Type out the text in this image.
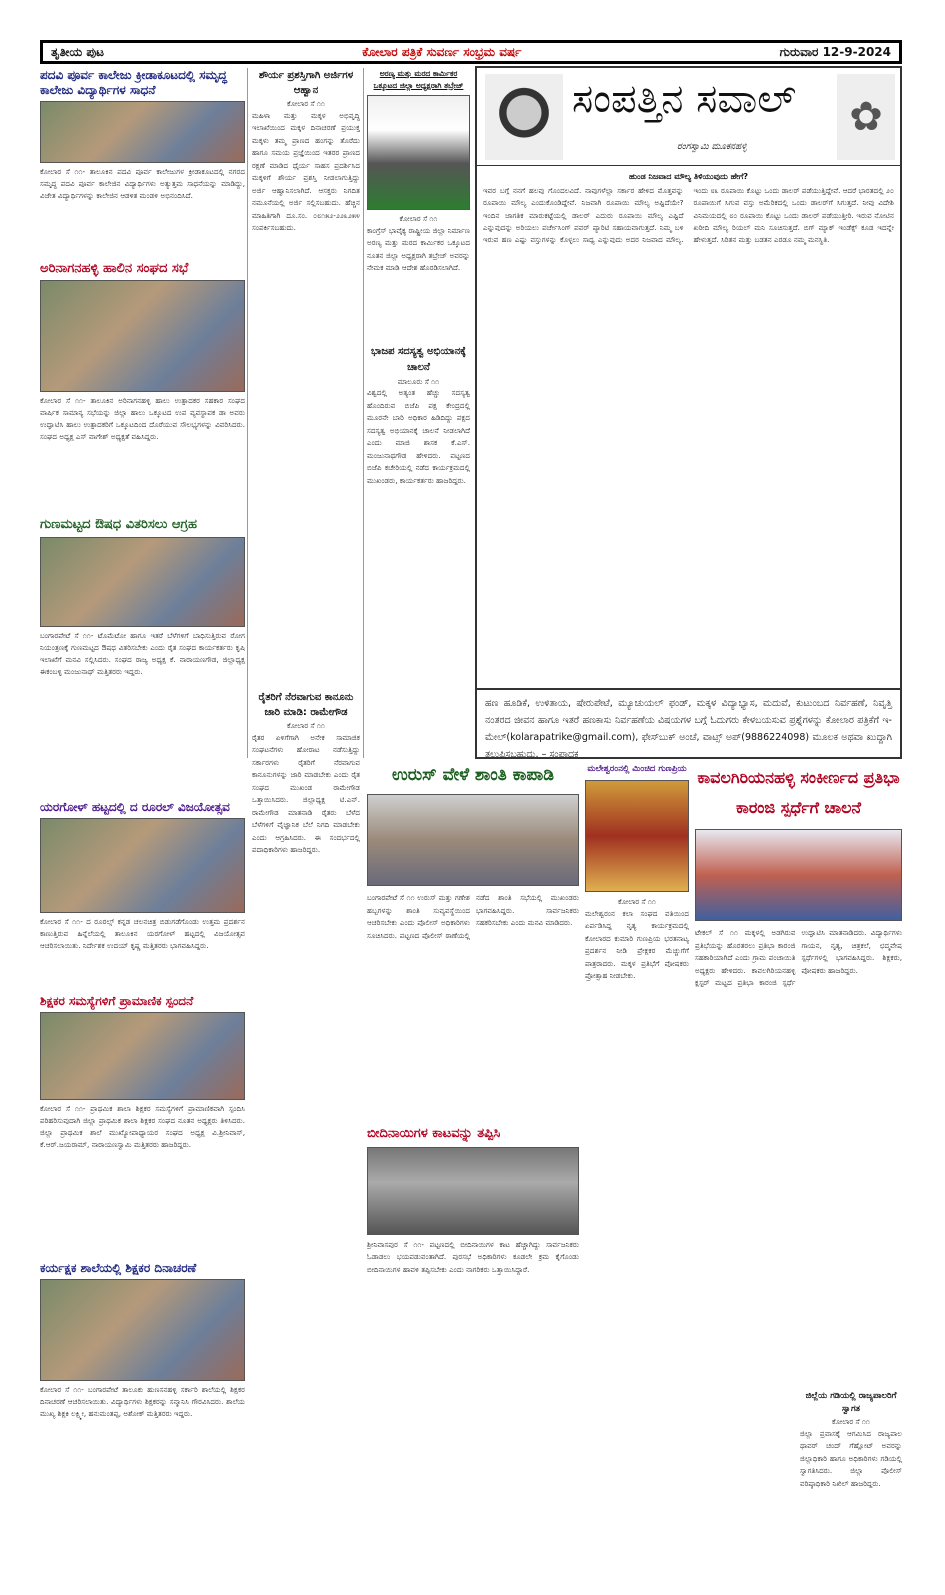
ತೃತೀಯ ಪುಟ	ಕೋಲಾರ ಪತ್ರಿಕೆ ಸುವರ್ಣ ಸಂಭ್ರಮ ವರ್ಷ	ಗುರುವಾರ 12-9-2024
ಪದವಿ ಪೂರ್ವ ಕಾಲೇಜು ಕ್ರೀಡಾಕೂಟದಲ್ಲಿ ಸಮೃದ್ಧ ಕಾಲೇಜು ವಿದ್ಯಾರ್ಥಿಗಳ ಸಾಧನೆ
ಕೋಲಾರ ಸೆ ೧೧- ತಾಲೂಕಿನ ಪದವಿ ಪೂರ್ವ ಕಾಲೇಜುಗಳ ಕ್ರೀಡಾಕೂಟದಲ್ಲಿ ನಗರದ ಸಮೃದ್ಧ ಪದವಿ ಪೂರ್ವ ಕಾಲೇಜಿನ ವಿದ್ಯಾರ್ಥಿಗಳು ಅತ್ಯುತ್ತಮ ಸಾಧನೆಯನ್ನು ಮಾಡಿದ್ದು, ವಿಜೇತ ವಿದ್ಯಾರ್ಥಿಗಳನ್ನು ಕಾಲೇಜಿನ ಆಡಳಿತ ಮಂಡಳಿ ಅಭಿನಂದಿಸಿದೆ.
ಅರಿನಾಗನಹಳ್ಳಿ ಹಾಲಿನ ಸಂಘದ ಸಭೆ
ಕೋಲಾರ ಸೆ ೧೧- ತಾಲೂಕಿನ ಅರಿನಾಗನಹಳ್ಳಿ ಹಾಲು ಉತ್ಪಾದಕರ ಸಹಕಾರ ಸಂಘದ ವಾರ್ಷಿಕ ಸಾಮಾನ್ಯ ಸಭೆಯನ್ನು ಜಿಲ್ಲಾ ಹಾಲು ಒಕ್ಕೂಟದ ಉಪ ವ್ಯವಸ್ಥಾಪಕ ಡಾ ಅವರು ಉದ್ಘಾಟಿಸಿ ಹಾಲು ಉತ್ಪಾದಕರಿಗೆ ಒಕ್ಕೂಟದಿಂದ ದೊರೆಯುವ ಸೌಲಭ್ಯಗಳನ್ನು ವಿವರಿಸಿದರು. ಸಂಘದ ಅಧ್ಯಕ್ಷ ಎಸ್ ವಾಗೇಶ್ ಅಧ್ಯಕ್ಷತೆ ವಹಿಸಿದ್ದರು.
ಗುಣಮಟ್ಟದ ಔಷಧ ವಿತರಿಸಲು ಆಗ್ರಹ
ಬಂಗಾರಪೇಟೆ ಸೆ ೧೧- ಟೊಮೆಟೋ ಹಾಗೂ ಇತರೆ ಬೆಳೆಗಳಿಗೆ ಬಾಧಿಸುತ್ತಿರುವ ರೋಗ ನಿಯಂತ್ರಣಕ್ಕೆ ಗುಣಮಟ್ಟದ ಔಷಧ ವಿತರಿಸಬೇಕು ಎಂದು ರೈತ ಸಂಘದ ಕಾರ್ಯಕರ್ತರು ಕೃಷಿ ಇಲಾಖೆಗೆ ಮನವಿ ಸಲ್ಲಿಸಿದರು. ಸಂಘದ ರಾಜ್ಯ ಅಧ್ಯಕ್ಷ ಕೆ. ನಾರಾಯಣಗೌಡ, ಜಿಲ್ಲಾಧ್ಯಕ್ಷ ಈಕಂಬಳ್ಳಿ ಮಂಜುನಾಥ್ ಮತ್ತಿತರರು ಇದ್ದರು.
ಯರಗೋಳ್ ಹಟ್ಟದಲ್ಲಿ ದ ರೂರಲ್ ವಿಜಯೋತ್ಸವ
ಕೋಲಾರ ಸೆ ೧೧- ದ ರೂರಲ್ಸ್ ಕನ್ನಡ ಚಲನಚಿತ್ರ ಬಿಡುಗಡೆಗೊಂಡು ಉತ್ತಮ ಪ್ರದರ್ಶನ ಕಾಣುತ್ತಿರುವ ಹಿನ್ನೆಲೆಯಲ್ಲಿ ತಾಲೂಕಿನ ಯರಗೋಳ್ ಹಟ್ಟದಲ್ಲಿ ವಿಜಯೋತ್ಸವ ಆಚರಿಸಲಾಯಿತು. ನಿರ್ದೇಶಕ ಉದಯ್ ಕೃಷ್ಣ ಮತ್ತಿತರರು ಭಾಗವಹಿಸಿದ್ದರು.
ಶಿಕ್ಷಕರ ಸಮಸ್ಯೆಗಳಿಗೆ ಪ್ರಾಮಾಣಿಕ ಸ್ಪಂದನೆ
ಕೋಲಾರ ಸೆ ೧೧- ಪ್ರಾಥಮಿಕ ಶಾಲಾ ಶಿಕ್ಷಕರ ಸಮಸ್ಯೆಗಳಿಗೆ ಪ್ರಾಮಾಣಿಕವಾಗಿ ಸ್ಪಂದಿಸಿ ಪರಿಹರಿಸುವುದಾಗಿ ಜಿಲ್ಲಾ ಪ್ರಾಥಮಿಕ ಶಾಲಾ ಶಿಕ್ಷಕರ ಸಂಘದ ನೂತನ ಅಧ್ಯಕ್ಷರು ತಿಳಿಸಿದರು. ಜಿಲ್ಲಾ ಪ್ರಾಥಮಿಕ ಶಾಲೆ ಮುಖ್ಯೋಪಾಧ್ಯಾಯರ ಸಂಘದ ಅಧ್ಯಕ್ಷ ವಿ.ಶ್ರೀನಿವಾಸ್, ಕೆ.ಆರ್.ಜಯರಾಮ್, ನಾರಾಯಣಸ್ವಾಮಿ ಮತ್ತಿತರರು ಹಾಜರಿದ್ದರು.
ಕರ್ಯಕ್ಷಕ ಶಾಲೆಯಲ್ಲಿ ಶಿಕ್ಷಕರ ದಿನಾಚರಣೆ
ಕೋಲಾರ ಸೆ ೧೧- ಬಂಗಾರಪೇಟೆ ತಾಲೂಕು ಹುಣಸನಹಳ್ಳಿ ಸರ್ಕಾರಿ ಶಾಲೆಯಲ್ಲಿ ಶಿಕ್ಷಕರ ದಿನಾಚರಣೆ ಆಚರಿಸಲಾಯಿತು. ವಿದ್ಯಾರ್ಥಿಗಳು ಶಿಕ್ಷಕರನ್ನು ಸನ್ಮಾನಿಸಿ ಗೌರವಿಸಿದರು. ಶಾಲೆಯ ಮುಖ್ಯ ಶಿಕ್ಷಕಿ ಲಕ್ಷ್ಮೀ, ಹನುಮಂತಪ್ಪ, ಅಶೋಕ್ ಮತ್ತಿತರರು ಇದ್ದರು.
ಶೌರ್ಯ ಪ್ರಶಸ್ತಿಗಾಗಿ ಅರ್ಜಿಗಳ ಆಹ್ವಾನ
ಕೋಲಾರ ಸೆ ೧೧
ಮಹಿಳಾ ಮತ್ತು ಮಕ್ಕಳ ಅಭಿವೃದ್ಧಿ ಇಲಾಖೆಯಿಂದ ಮಕ್ಕಳ ದಿನಾಚರಣೆ ಪ್ರಯುಕ್ತ ಮಕ್ಕಳು ತಮ್ಮ ಪ್ರಾಣದ ಹಂಗನ್ನು ತೊರೆದು ಹಾಗೂ ಸಮಯ ಪ್ರಜ್ಞೆಯಿಂದ ಇತರರ ಪ್ರಾಣದ ರಕ್ಷಣೆ ಮಾಡಿದ ಧೈರ್ಯ ಸಾಹಸ ಪ್ರದರ್ಶಿಸಿದ ಮಕ್ಕಳಿಗೆ ಶೌರ್ಯ ಪ್ರಶಸ್ತಿ ನೀಡಲಾಗುತ್ತಿದ್ದು ಅರ್ಜಿ ಆಹ್ವಾನಿಸಲಾಗಿದೆ. ಆಸಕ್ತರು ನಿಗದಿತ ನಮೂನೆಯಲ್ಲಿ ಅರ್ಜಿ ಸಲ್ಲಿಸಬಹುದು. ಹೆಚ್ಚಿನ ಮಾಹಿತಿಗಾಗಿ ದೂ.ಸಂ. ೦೮೧೫೨-೨೨೩೨೫೪ ಸಂಪರ್ಕಿಸಬಹುದು.
ರೈತರಿಗೆ ನೆರವಾಗುವ ಕಾನೂನು ಜಾರಿ ಮಾಡಿ: ರಾಮೇಗೌಡ
ಕೋಲಾರ ಸೆ ೧೧
ರೈತರ ಏಳಿಗೆಗಾಗಿ ಅನೇಕ ಸಾಮಾಜಿಕ ಸಂಘಟನೆಗಳು ಹೋರಾಟ ನಡೆಸುತ್ತಿದ್ದು ಸರ್ಕಾರಗಳು ರೈತರಿಗೆ ನೆರವಾಗುವ ಕಾನೂನುಗಳನ್ನು ಜಾರಿ ಮಾಡಬೇಕು ಎಂದು ರೈತ ಸಂಘದ ಮುಖಂಡ ರಾಮೇಗೌಡ ಒತ್ತಾಯಿಸಿದರು. ಜಿಲ್ಲಾಧ್ಯಕ್ಷ ಟಿ.ಎನ್. ರಾಮೇಗೌಡ ಮಾತನಾಡಿ ರೈತರು ಬೆಳೆದ ಬೆಳೆಗಳಿಗೆ ವೈಜ್ಞಾನಿಕ ಬೆಲೆ ನಿಗದಿ ಮಾಡಬೇಕು ಎಂದು ಆಗ್ರಹಿಸಿದರು. ಈ ಸಂದರ್ಭದಲ್ಲಿ ಪದಾಧಿಕಾರಿಗಳು ಹಾಜರಿದ್ದರು.
ಅರಣ್ಯ ಮತ್ತು ಮರದ ಕಾರ್ಮಿಕರ ಒಕ್ಕೂಟದ ಜಿಲ್ಲಾ ಅಧ್ಯಕ್ಷರಾಗಿ ತಬ್ರೇಜ್
ಕೋಲಾರ ಸೆ ೧೧
ಕಾಂಗ್ರೆಸ್ ಭಾವೈಕ್ಯ ರಾಷ್ಟ್ರೀಯ ಜಿಲ್ಲಾ ನಿರ್ಮಾಣ ಅರಣ್ಯ ಮತ್ತು ಮರದ ಕಾರ್ಮಿಕರ ಒಕ್ಕೂಟದ ನೂತನ ಜಿಲ್ಲಾ ಅಧ್ಯಕ್ಷರಾಗಿ ತಬ್ರೇಜ್ ಅವರನ್ನು ನೇಮಕ ಮಾಡಿ ಆದೇಶ ಹೊರಡಿಸಲಾಗಿದೆ.
ಭಾಜಪ ಸದಸ್ಯತ್ವ ಅಭಿಯಾನಕ್ಕೆ ಚಾಲನೆ
ಮಾಲೂರು ಸೆ ೧೧
ವಿಶ್ವದಲ್ಲಿ ಅತ್ಯಂತ ಹೆಚ್ಚು ಸದಸ್ಯತ್ವ ಹೊಂದಿರುವ ಬಿಜೆಪಿ ಪಕ್ಷ ಕೇಂದ್ರದಲ್ಲಿ ಮೂರನೇ ಬಾರಿ ಅಧಿಕಾರ ಹಿಡಿದಿದ್ದು ಪಕ್ಷದ ಸದಸ್ಯತ್ವ ಅಭಿಯಾನಕ್ಕೆ ಚಾಲನೆ ನೀಡಲಾಗಿದೆ ಎಂದು ಮಾಜಿ ಶಾಸಕ ಕೆ.ಎಸ್. ಮಂಜುನಾಥಗೌಡ ಹೇಳಿದರು. ಪಟ್ಟಣದ ಬಿಜೆಪಿ ಕಚೇರಿಯಲ್ಲಿ ನಡೆದ ಕಾರ್ಯಕ್ರಮದಲ್ಲಿ ಮುಖಂಡರು, ಕಾರ್ಯಕರ್ತರು ಹಾಜರಿದ್ದರು.
ಸಂಪತ್ತಿನ ಸವಾಲ್
ರಂಗಸ್ವಾಮಿ ಮೂಕನಹಳ್ಳಿ
✿
ಹುಂಡ ನಿಜವಾದ ಮೌಲ್ಯ ತಿಳಿಯುವುದು ಹೇಗೆ?
ಇವರ ಬಗ್ಗೆ ನನಗೆ ಹಲವು ಗೊಂದಲವಿದೆ. ನಾವುಗಳೆಲ್ಲಾ ಸರ್ಕಾರ ಹೇಳಿದ ಮೊತ್ತವನ್ನು ರೂಪಾಯಿ ಮೌಲ್ಯ ಎಂದುಕೊಂಡಿದ್ದೇವೆ. ನಿಜವಾಗಿ ರೂಪಾಯಿ ಮೌಲ್ಯ ಅಷ್ಟಿದೆಯೇ? ಇಂದಿನ ಜಾಗತಿಕ ಮಾರುಕಟ್ಟೆಯಲ್ಲಿ ಡಾಲರ್ ಎದುರು ರೂಪಾಯಿ ಮೌಲ್ಯ ಎಷ್ಟಿದೆ ಎನ್ನುವುದನ್ನು ಅರಿಯಲು ಪರ್ಚೇಸಿಂಗ್ ಪವರ್ ಪ್ಯಾರಿಟಿ ಸಹಾಯವಾಗುತ್ತದೆ. ನಿಮ್ಮ ಬಳಿ ಇರುವ ಹಣ ಎಷ್ಟು ವಸ್ತುಗಳನ್ನು ಕೊಳ್ಳಲು ಸಾಧ್ಯ ಎನ್ನುವುದು ಅದರ ನಿಜವಾದ ಮೌಲ್ಯ. ಇಂದು ೮೩ ರೂಪಾಯಿ ಕೊಟ್ಟು ಒಂದು ಡಾಲರ್ ಪಡೆಯುತ್ತಿದ್ದೇವೆ. ಆದರೆ ಭಾರತದಲ್ಲಿ ೨೦ ರೂಪಾಯಿಗೆ ಸಿಗುವ ವಸ್ತು ಅಮೆರಿಕದಲ್ಲಿ ಒಂದು ಡಾಲರ್‌ಗೆ ಸಿಗುತ್ತದೆ. ನೀವು ವಿದೇಶಿ ವಿನಿಮಯದಲ್ಲಿ ೮೦ ರೂಪಾಯಿ ಕೊಟ್ಟು ಒಂದು ಡಾಲರ್ ಪಡೆಯುತ್ತೀರಿ. ಇರುವ ನೋಟಿನ ಖರೀದಿ ಮೌಲ್ಯ ರಿಯಲ್ ಮನಿ ಸೂಚಿಸುತ್ತದೆ. ಬಿಗ್ ಮ್ಯಾಕ್ ಇಂಡೆಕ್ಸ್ ಕೂಡ ಇದನ್ನೇ ಹೇಳುತ್ತದೆ. ಸಿರಿತನ ಮತ್ತು ಬಡತನ ಎರಡೂ ನಮ್ಮ ಮನಸ್ಥಿತಿ.
ಹಣ ಹೂಡಿಕೆ, ಉಳಿತಾಯ, ಷೇರುಪೇಟೆ, ಮ್ಯೂಚುಯಲ್ ಫಂಡ್, ಮಕ್ಕಳ ವಿದ್ಯಾಭ್ಯಾಸ, ಮದುವೆ, ಕುಟುಂಬದ ನಿರ್ವಹಣೆ, ನಿವೃತ್ತಿ ನಂತರದ ಜೀವನ ಹಾಗೂ ಇತರೆ ಹಣಕಾಸು ನಿರ್ವಹಣೆಯ ವಿಷಯಗಳ ಬಗ್ಗೆ ಓದುಗರು ಕೇಳಬಯಸುವ ಪ್ರಶ್ನೆಗಳನ್ನು ಕೋಲಾರ ಪತ್ರಿಕೆಗೆ ಇ-ಮೇಲ್(kolarapatrike@gmail.com), ಫೇಸ್‌ಬುಕ್ ಅಂಚೆ, ವಾಟ್ಸ್ ಅಪ್(9886224098) ಮೂಲಕ ಅಥವಾ ಖುದ್ದಾಗಿ ತಲುಪಿಸಬಹುದು. – ಸಂಪಾದಕ
ಉರುಸ್ ವೇಳೆ ಶಾಂತಿ ಕಾಪಾಡಿ
ಬಂಗಾರಪೇಟೆ ಸೆ ೧೧ ಉರುಸ್ ಮತ್ತು ಗಣೇಶ ಹಬ್ಬಗಳನ್ನು ಶಾಂತಿ ಸುವ್ಯವಸ್ಥೆಯಿಂದ ಆಚರಿಸಬೇಕು ಎಂದು ಪೊಲೀಸ್ ಅಧಿಕಾರಿಗಳು ಸೂಚಿಸಿದರು. ಪಟ್ಟಣದ ಪೊಲೀಸ್ ಠಾಣೆಯಲ್ಲಿ ನಡೆದ ಶಾಂತಿ ಸಭೆಯಲ್ಲಿ ಮುಖಂಡರು ಭಾಗವಹಿಸಿದ್ದರು. ಸಾರ್ವಜನಿಕರು ಸಹಕರಿಸಬೇಕು ಎಂದು ಮನವಿ ಮಾಡಿದರು.
ಬೀದಿನಾಯಿಗಳ ಕಾಟವನ್ನು ತಪ್ಪಿಸಿ
ಶ್ರೀನಿವಾಸಪುರ ಸೆ ೧೧- ಪಟ್ಟಣದಲ್ಲಿ ಬೀದಿನಾಯಿಗಳ ಕಾಟ ಹೆಚ್ಚಾಗಿದ್ದು ಸಾರ್ವಜನಿಕರು ಓಡಾಡಲು ಭಯಪಡುವಂತಾಗಿದೆ. ಪುರಸಭೆ ಅಧಿಕಾರಿಗಳು ಕೂಡಲೇ ಕ್ರಮ ಕೈಗೊಂಡು ಬೀದಿನಾಯಿಗಳ ಹಾವಳಿ ತಪ್ಪಿಸಬೇಕು ಎಂದು ನಾಗರಿಕರು ಒತ್ತಾಯಿಸಿದ್ದಾರೆ.
ಮಲೇಶ್ವರಂನಲ್ಲಿ ಮಿಂಚಿದ ಗುಣಪ್ರಿಯ
ಕೋಲಾರ ಸೆ ೧೧
ಮಲೇಶ್ವರಂನ ಕಲಾ ಸಂಘದ ವತಿಯಿಂದ ಏರ್ಪಡಿಸಿದ್ದ ನೃತ್ಯ ಕಾರ್ಯಕ್ರಮದಲ್ಲಿ ಕೋಲಾರದ ಕುಮಾರಿ ಗುಣಪ್ರಿಯ ಭರತನಾಟ್ಯ ಪ್ರದರ್ಶನ ನೀಡಿ ಪ್ರೇಕ್ಷಕರ ಮೆಚ್ಚುಗೆಗೆ ಪಾತ್ರರಾದರು. ಮಕ್ಕಳ ಪ್ರತಿಭೆಗೆ ಪೋಷಕರು ಪ್ರೋತ್ಸಾಹ ನೀಡಬೇಕು.
ಕಾವಲಗಿರಿಯನಹಳ್ಳಿ ಸಂಕೀರ್ಣದ ಪ್ರತಿಭಾ ಕಾರಂಜಿ ಸ್ಪರ್ಧೆಗೆ ಚಾಲನೆ
ಟೇಕಲ್ ಸೆ ೧೧ ಮಕ್ಕಳಲ್ಲಿ ಅಡಗಿರುವ ಪ್ರತಿಭೆಯನ್ನು ಹೊರತರಲು ಪ್ರತಿಭಾ ಕಾರಂಜಿ ಸಹಕಾರಿಯಾಗಿದೆ ಎಂದು ಗ್ರಾಮ ಪಂಚಾಯಿತಿ ಅಧ್ಯಕ್ಷರು ಹೇಳಿದರು. ಕಾವಲಗಿರಿಯನಹಳ್ಳಿ ಕ್ಲಸ್ಟರ್ ಮಟ್ಟದ ಪ್ರತಿಭಾ ಕಾರಂಜಿ ಸ್ಪರ್ಧೆ ಉದ್ಘಾಟಿಸಿ ಮಾತನಾಡಿದರು. ವಿದ್ಯಾರ್ಥಿಗಳು ಗಾಯನ, ನೃತ್ಯ, ಚಿತ್ರಕಲೆ, ಛದ್ಮವೇಷ ಸ್ಪರ್ಧೆಗಳಲ್ಲಿ ಭಾಗವಹಿಸಿದ್ದರು. ಶಿಕ್ಷಕರು, ಪೋಷಕರು ಹಾಜರಿದ್ದರು.
ಜಿಲ್ಲೆಯ ಗಡಿಯಲ್ಲಿ ರಾಜ್ಯಪಾಲರಿಗೆ ಸ್ವಾಗತ
ಕೋಲಾರ ಸೆ ೧೧
ಜಿಲ್ಲಾ ಪ್ರವಾಸಕ್ಕೆ ಆಗಮಿಸಿದ ರಾಜ್ಯಪಾಲ ಥಾವರ್ ಚಂದ್ ಗೆಹ್ಲೋಟ್ ಅವರನ್ನು ಜಿಲ್ಲಾಧಿಕಾರಿ ಹಾಗೂ ಅಧಿಕಾರಿಗಳು ಗಡಿಯಲ್ಲಿ ಸ್ವಾಗತಿಸಿದರು. ಜಿಲ್ಲಾ ಪೊಲೀಸ್ ವರಿಷ್ಠಾಧಿಕಾರಿ ನಿಖಿಲ್ ಹಾಜರಿದ್ದರು.
